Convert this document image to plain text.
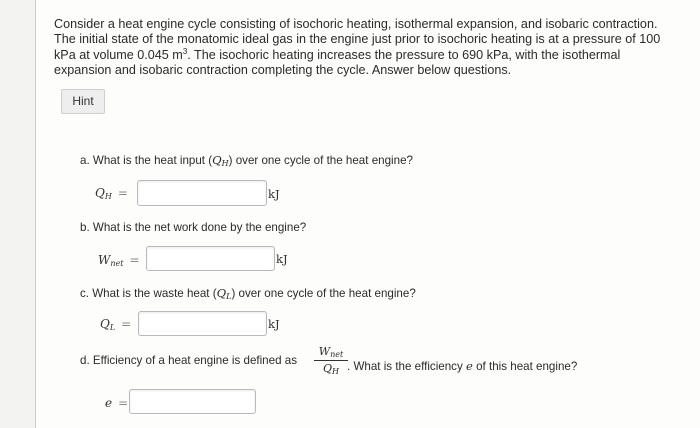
Consider a heat engine cycle consisting of isochoric heating, isothermal expansion, and isobaric contraction.
The initial state of the monatomic ideal gas in the engine just prior to isochoric heating is at a pressure of 100
kPa at volume 0.045 $m^3$. The isochoric heating increases the pressure to 690 kPa, with the isothermal
expansion and isobaric contraction completing the cycle. Answer below questions.
Hint
a. What is the heat input $(Q_H)$ over one cycle of the heat engine?
$Q_H$ =	kJ
b. What is the net work done by the engine?
$W_{net}$ =	kJ
c. What is the waste heat $(Q_L)$ over one cycle of the heat engine?
$Q_L$ =	kJ
d. Efficiency of a heat engine is defined as
$W_{net}$
$Q_H$ . What is the efficiency e of this heat engine?
e =
